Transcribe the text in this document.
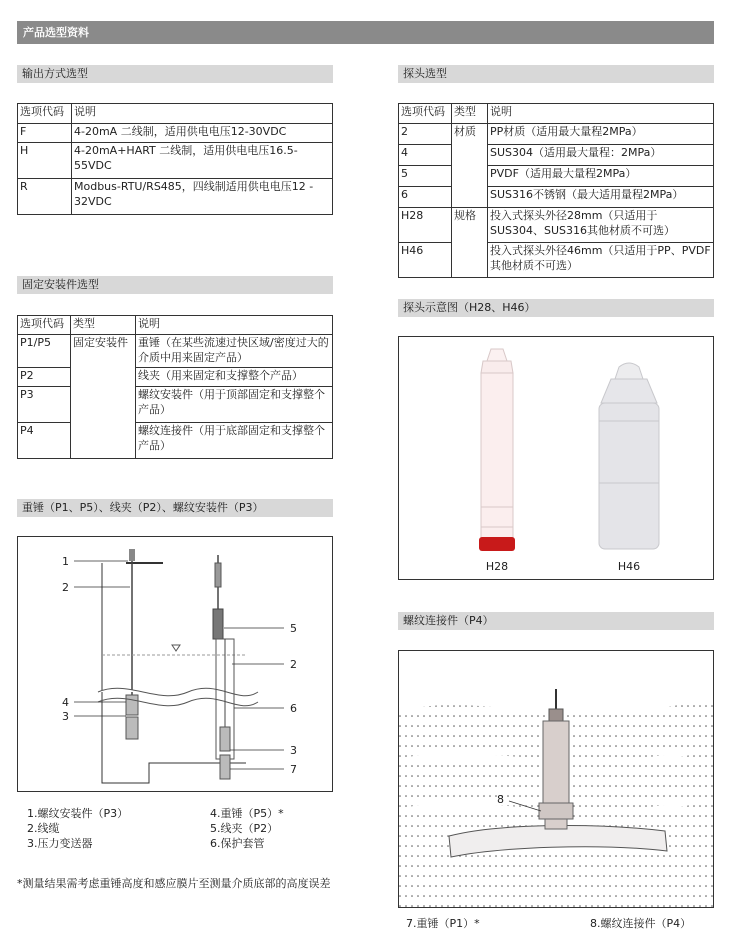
产品选型资料
输出方式选型
选项代码	说明
F	4-20mA 二线制，适用供电电压12-30VDC
H	4-20mA+HART 二线制，适用供电电压16.5-55VDC
R	Modbus-RTU/RS485，四线制适用供电电压12 - 32VDC
固定安装件选型
选项代码	类型	说明
P1/P5	固定安装件	重锤（在某些流速过快区域/密度过大的介质中用来固定产品）
P2		线夹（用来固定和支撑整个产品）
P3		螺纹安装件（用于顶部固定和支撑整个产品）
P4		螺纹连接件（用于底部固定和支撑整个产品）
重锤（P1、P5）、线夹（P2）、螺纹安装件（P3）
1
2
4
3
5
2
6
3
7
1.螺纹安装件（P3）
2.线缆
3.压力变送器
4.重锤（P5）*
5.线夹（P2）
6.保护套管
*测量结果需考虑重锤高度和感应膜片至测量介质底部的高度误差
探头选型
选项代码	类型	说明
2	材质	PP材质（适用最大量程2MPa）
4		SUS304（适用最大量程：2MPa）
5		PVDF（适用最大量程2MPa）
6		SUS316不锈钢（最大适用量程2MPa）
H28	规格	投入式探头外径28mm（只适用于SUS304、SUS316其他材质不可选）
H46		投入式探头外径46mm（只适用于PP、PVDF其他材质不可选）
探头示意图（H28、H46）
H28	H46
螺纹连接件（P4）
8
7.重锤（P1）*	8.螺纹连接件（P4）
